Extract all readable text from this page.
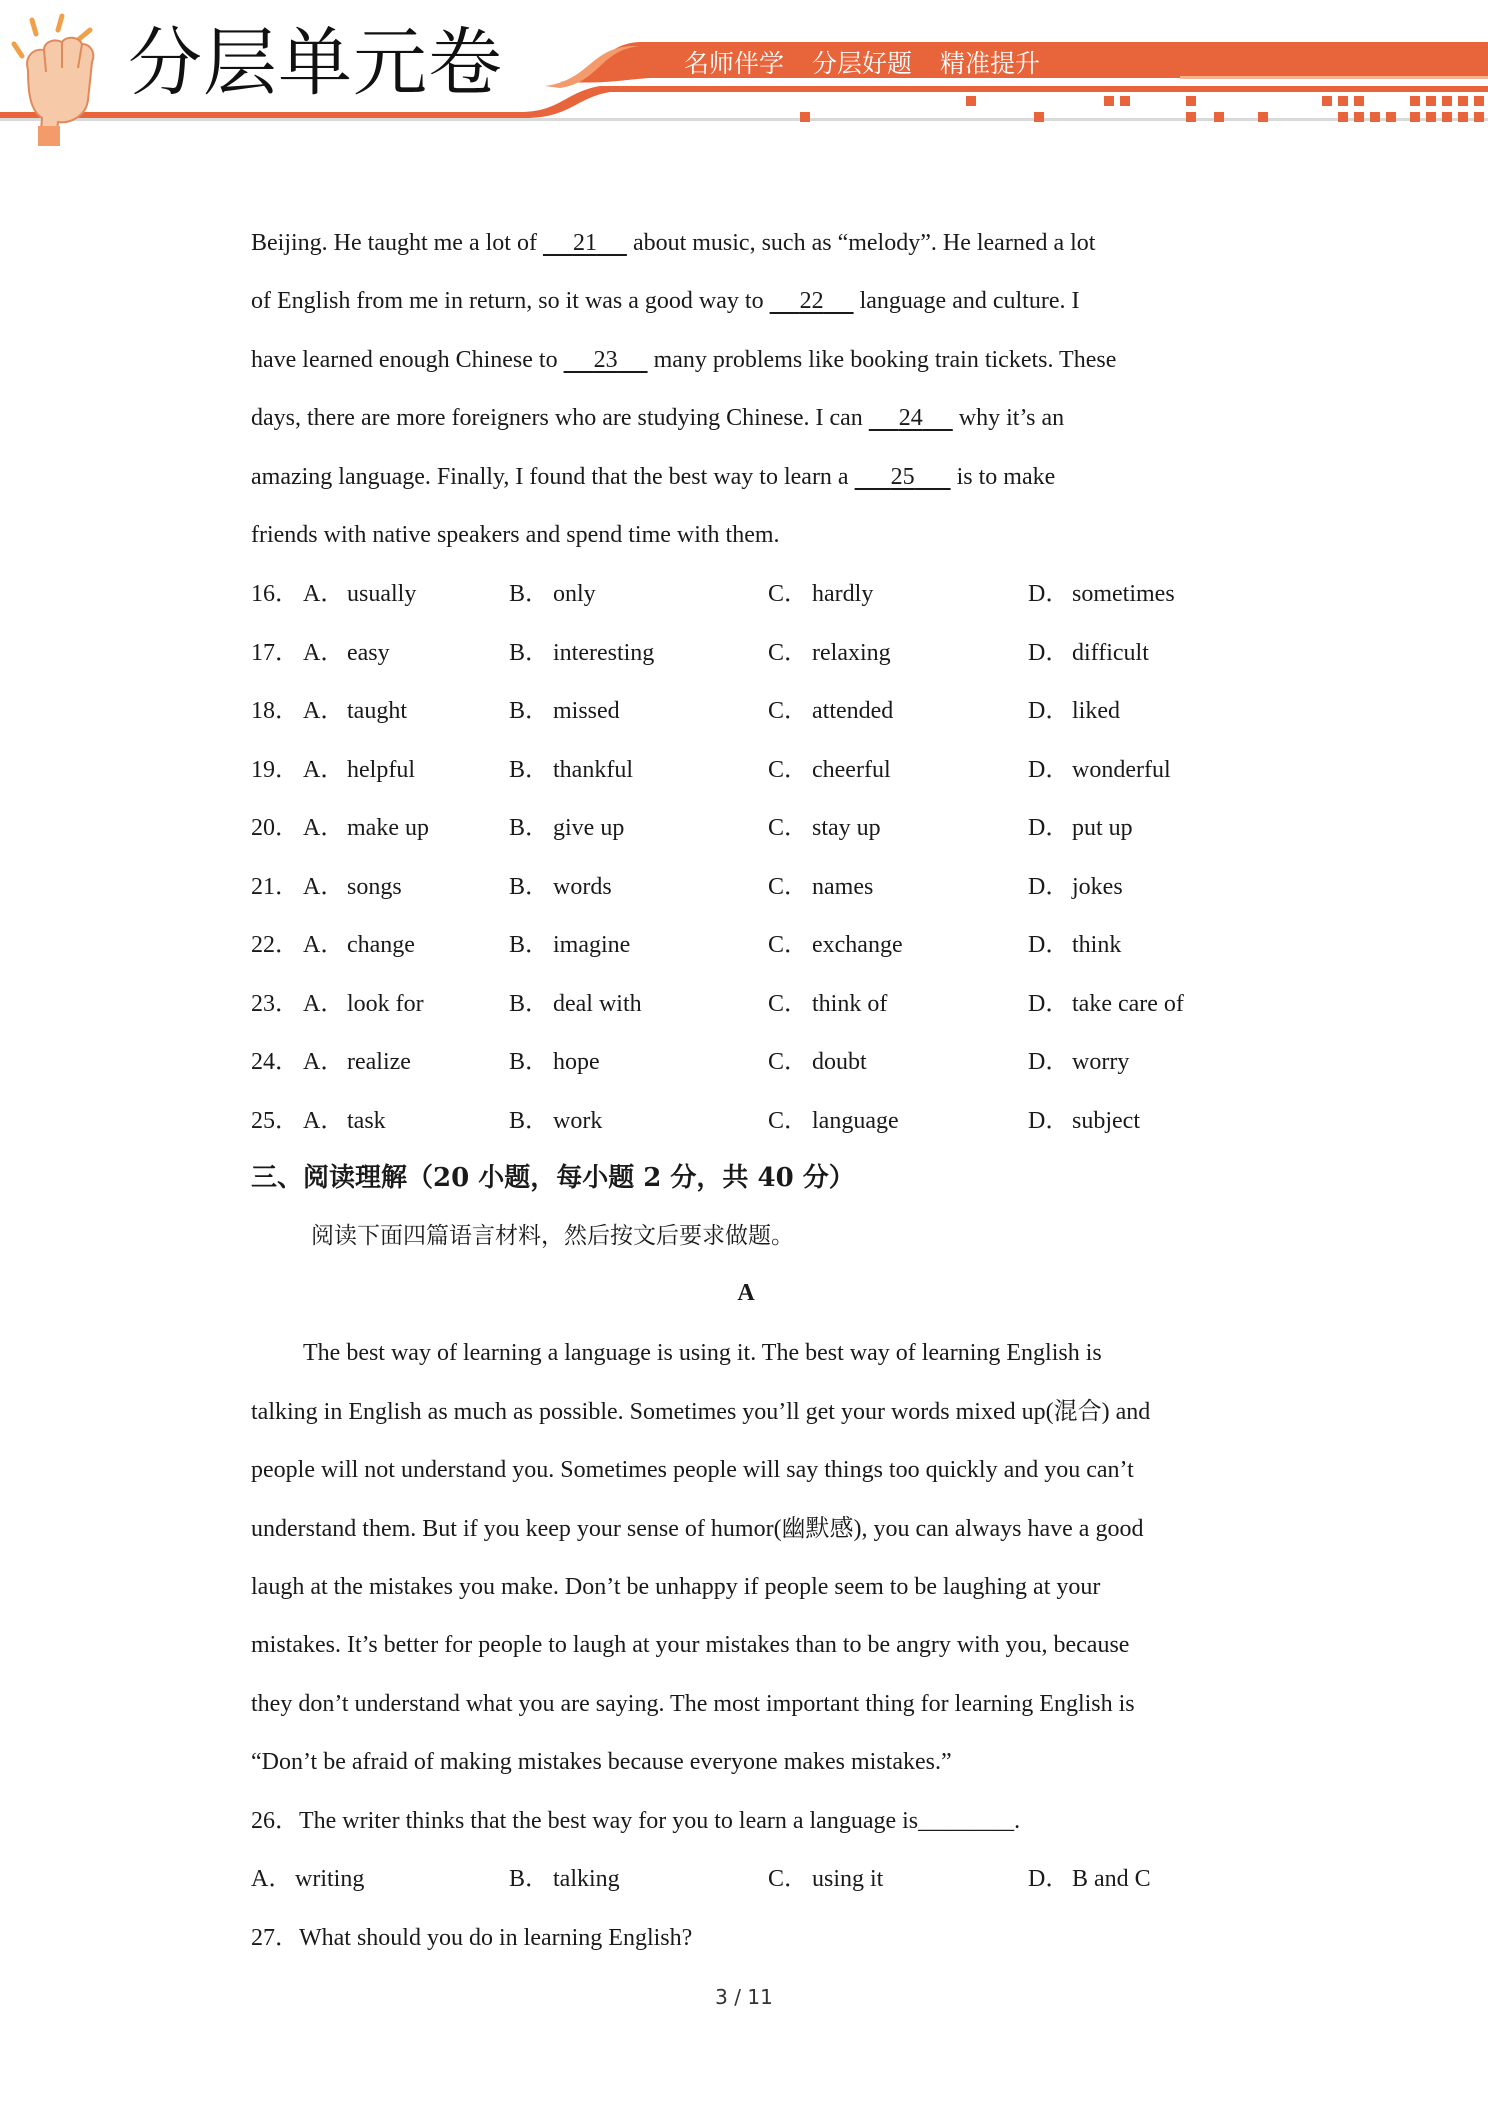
分层单元卷	名师伴学 分层好题 精准提升
Beijing. He taught me a lot of      21      about music, such as “melody”. He learned a lot
of English from me in return, so it was a good way to      22      language and culture. I
have learned enough Chinese to      23      many problems like booking train tickets. These
days, there are more foreigners who are studying Chinese. I can      24      why it’s an
amazing language. Finally, I found that the best way to learn a       25       is to make
friends with native speakers and spend time with them.
16． A． usually	B． only	C． hardly	D． sometimes
17． A． easy	B． interesting	C． relaxing	D． difficult
18． A． taught	B． missed	C． attended	D． liked
19． A． helpful	B． thankful	C． cheerful	D． wonderful
20． A． make up	B． give up	C． stay up	D． put up
21． A． songs	B． words	C． names	D． jokes
22． A． change	B． imagine	C． exchange	D． think
23． A． look for	B． deal with	C． think of	D． take care of
24． A． realize	B． hope	C． doubt	D． worry
25． A． task	B． work	C． language	D． subject
三、阅读理解（20 小题，每小题 2 分，共 40 分）
阅读下面四篇语言材料，然后按文后要求做题。
A
The best way of learning a language is using it. The best way of learning English is
talking in English as much as possible. Sometimes you’ll get your words mixed up(混合) and
people will not understand you. Sometimes people will say things too quickly and you can’t
understand them. But if you keep your sense of humor(幽默感), you can always have a good
laugh at the mistakes you make. Don’t be unhappy if people seem to be laughing at your
mistakes. It’s better for people to laugh at your mistakes than to be angry with you, because
they don’t understand what you are saying. The most important thing for learning English is
“Don’t be afraid of making mistakes because everyone makes mistakes.”
26．The writer thinks that the best way for you to learn a language is________.
A． writing	B． talking	C． using it	D． B and C
27．What should you do in learning English?
3 / 11
